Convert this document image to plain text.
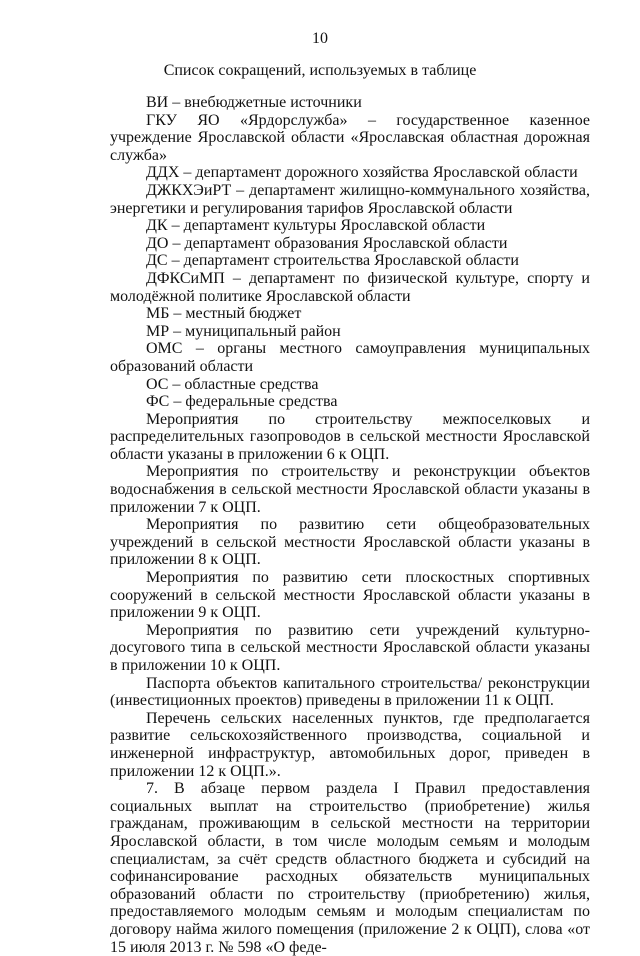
10
Список сокращений, используемых в таблице

ВИ – внебюджетные источники

ГКУ ЯО «Ярдорслужба» – государственное казенное учреждение Ярославской области «Ярославская областная дорожная служба»

ДДХ – департамент дорожного хозяйства Ярославской области

ДЖКХЭиРТ – департамент жилищно-коммунального хозяйства, энергетики и регулирования тарифов Ярославской области

ДК – департамент культуры Ярославской области

ДО – департамент образования Ярославской области

ДС – департамент строительства Ярославской области

ДФКСиМП – департамент по физической культуре, спорту и молодёжной политике Ярославской области

МБ – местный бюджет

МР – муниципальный район

ОМС – органы местного самоуправления муниципальных образований области

ОС – областные средства

ФС – федеральные средства

Мероприятия по строительству межпоселковых и распределительных газопроводов в сельской местности Ярославской области указаны в приложении 6 к ОЦП.

Мероприятия по строительству и реконструкции объектов водоснабжения в сельской местности Ярославской области указаны в приложении 7 к ОЦП.

Мероприятия по развитию сети общеобразовательных учреждений в сельской местности Ярославской области указаны в приложении 8 к ОЦП.

Мероприятия по развитию сети плоскостных спортивных сооружений в сельской местности Ярославской области указаны в приложении 9 к ОЦП.

Мероприятия по развитию сети учреждений культурно-досугового типа в сельской местности Ярославской области указаны в приложении 10 к ОЦП.

Паспорта объектов капитального строительства/ реконструкции (инвестиционных проектов) приведены в приложении 11 к ОЦП.

Перечень сельских населенных пунктов, где предполагается развитие сельскохозяйственного производства, социальной и инженерной инфраструктур, автомобильных дорог, приведен в приложении 12 к ОЦП.».

7. В абзаце первом раздела I Правил предоставления социальных выплат на строительство (приобретение) жилья гражданам, проживающим в сельской местности на территории Ярославской области, в том числе молодым семьям и молодым специалистам, за счёт средств областного бюджета и субсидий на софинансирование расходных обязательств муниципальных образований области по строительству (приобретению) жилья, предоставляемого молодым семьям и молодым специалистам по договору найма жилого помещения (приложение 2 к ОЦП), слова «от 15 июля 2013 г. № 598 «О феде-
